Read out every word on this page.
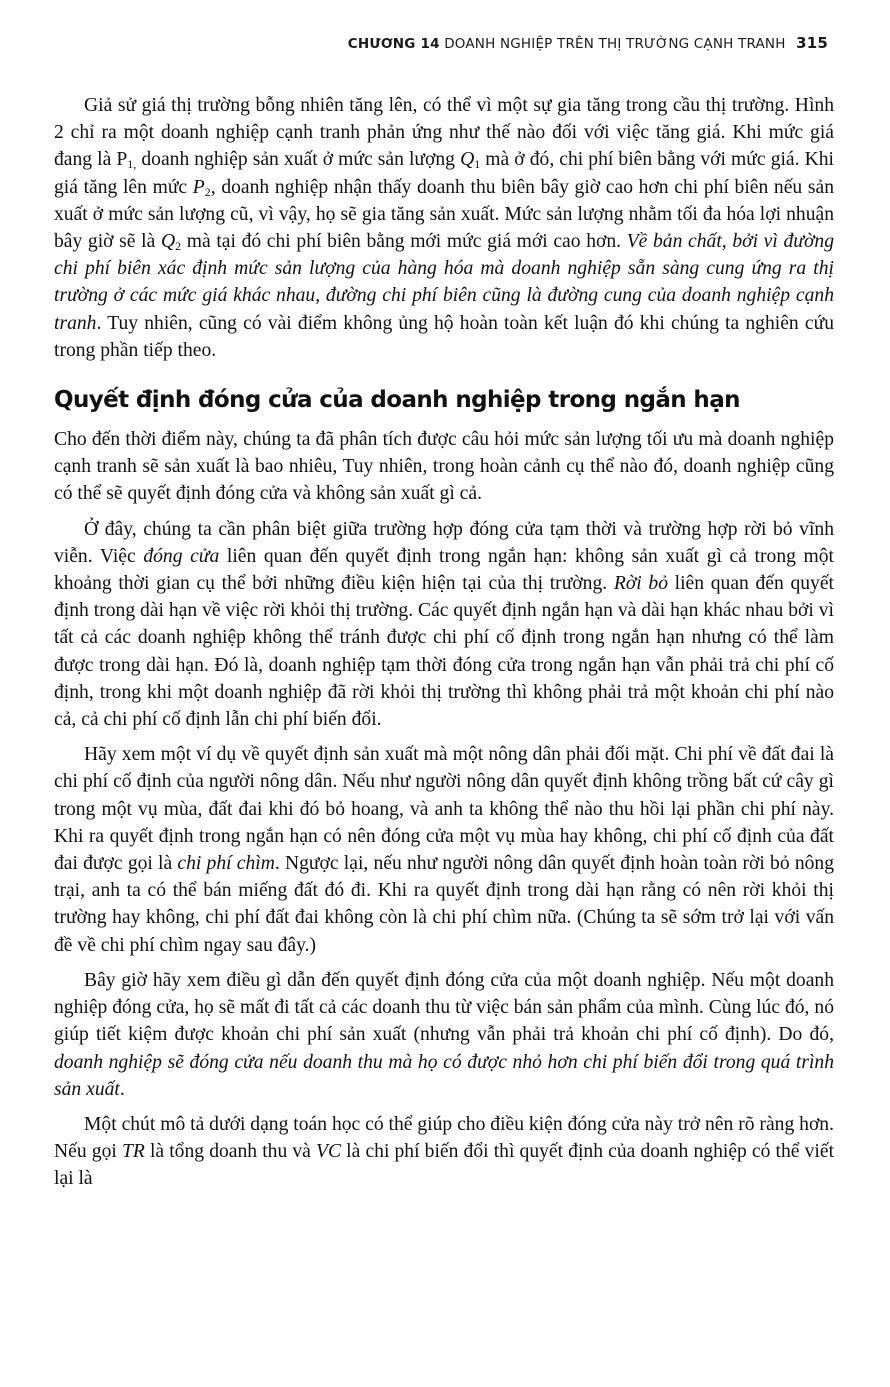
CHƯƠNG 14 DOANH NGHIỆP TRÊN THỊ TRƯỜNG CẠNH TRANH 315

Giả sử giá thị trường bỗng nhiên tăng lên, có thể vì một sự gia tăng trong cầu thị trường. Hình 2 chỉ ra một doanh nghiệp cạnh tranh phản ứng như thế nào đối với việc tăng giá. Khi mức giá đang là $P_{1,}$ doanh nghiệp sản xuất ở mức sản lượng $Q_1$ mà ở đó, chi phí biên bằng với mức giá. Khi giá tăng lên mức $P_2$, doanh nghiệp nhận thấy doanh thu biên bây giờ cao hơn chi phí biên nếu sản xuất ở mức sản lượng cũ, vì vậy, họ sẽ gia tăng sản xuất. Mức sản lượng nhằm tối đa hóa lợi nhuận bây giờ sẽ là $Q_2$ mà tại đó chi phí biên bằng mới mức giá mới cao hơn. Về bản chất, bởi vì đường chi phí biên xác định mức sản lượng của hàng hóa mà doanh nghiệp sẵn sàng cung ứng ra thị trường ở các mức giá khác nhau, đường chi phí biên cũng là đường cung của doanh nghiệp cạnh tranh. Tuy nhiên, cũng có vài điểm không ủng hộ hoàn toàn kết luận đó khi chúng ta nghiên cứu trong phần tiếp theo.

Quyết định đóng cửa của doanh nghiệp trong ngắn hạn

Cho đến thời điểm này, chúng ta đã phân tích được câu hỏi mức sản lượng tối ưu mà doanh nghiệp cạnh tranh sẽ sản xuất là bao nhiêu, Tuy nhiên, trong hoàn cảnh cụ thể nào đó, doanh nghiệp cũng có thể sẽ quyết định đóng cửa và không sản xuất gì cả.

Ở đây, chúng ta cần phân biệt giữa trường hợp đóng cửa tạm thời và trường hợp rời bỏ vĩnh viễn. Việc đóng cửa liên quan đến quyết định trong ngắn hạn: không sản xuất gì cả trong một khoảng thời gian cụ thể bởi những điều kiện hiện tại của thị trường. Rời bỏ liên quan đến quyết định trong dài hạn về việc rời khỏi thị trường. Các quyết định ngắn hạn và dài hạn khác nhau bởi vì tất cả các doanh nghiệp không thể tránh được chi phí cố định trong ngắn hạn nhưng có thể làm được trong dài hạn. Đó là, doanh nghiệp tạm thời đóng cửa trong ngắn hạn vẫn phải trả chi phí cố định, trong khi một doanh nghiệp đã rời khỏi thị trường thì không phải trả một khoản chi phí nào cả, cả chi phí cố định lẫn chi phí biến đổi.

Hãy xem một ví dụ về quyết định sản xuất mà một nông dân phải đối mặt. Chi phí về đất đai là chi phí cố định của người nông dân. Nếu như người nông dân quyết định không trồng bất cứ cây gì trong một vụ mùa, đất đai khi đó bỏ hoang, và anh ta không thể nào thu hồi lại phần chi phí này. Khi ra quyết định trong ngắn hạn có nên đóng cửa một vụ mùa hay không, chi phí cố định của đất đai được gọi là chi phí chìm. Ngược lại, nếu như người nông dân quyết định hoàn toàn rời bỏ nông trại, anh ta có thể bán miếng đất đó đi. Khi ra quyết định trong dài hạn rằng có nên rời khỏi thị trường hay không, chi phí đất đai không còn là chi phí chìm nữa. (Chúng ta sẽ sớm trở lại với vấn đề về chi phí chìm ngay sau đây.)

Bây giờ hãy xem điều gì dẫn đến quyết định đóng cửa của một doanh nghiệp. Nếu một doanh nghiệp đóng cửa, họ sẽ mất đi tất cả các doanh thu từ việc bán sản phẩm của mình. Cùng lúc đó, nó giúp tiết kiệm được khoản chi phí sản xuất (nhưng vẫn phải trả khoản chi phí cố định). Do đó, doanh nghiệp sẽ đóng cửa nếu doanh thu mà họ có được nhỏ hơn chi phí biến đổi trong quá trình sản xuất.

Một chút mô tả dưới dạng toán học có thể giúp cho điều kiện đóng cửa này trở nên rõ ràng hơn. Nếu gọi TR là tổng doanh thu và VC là chi phí biến đổi thì quyết định của doanh nghiệp có thể viết lại là
